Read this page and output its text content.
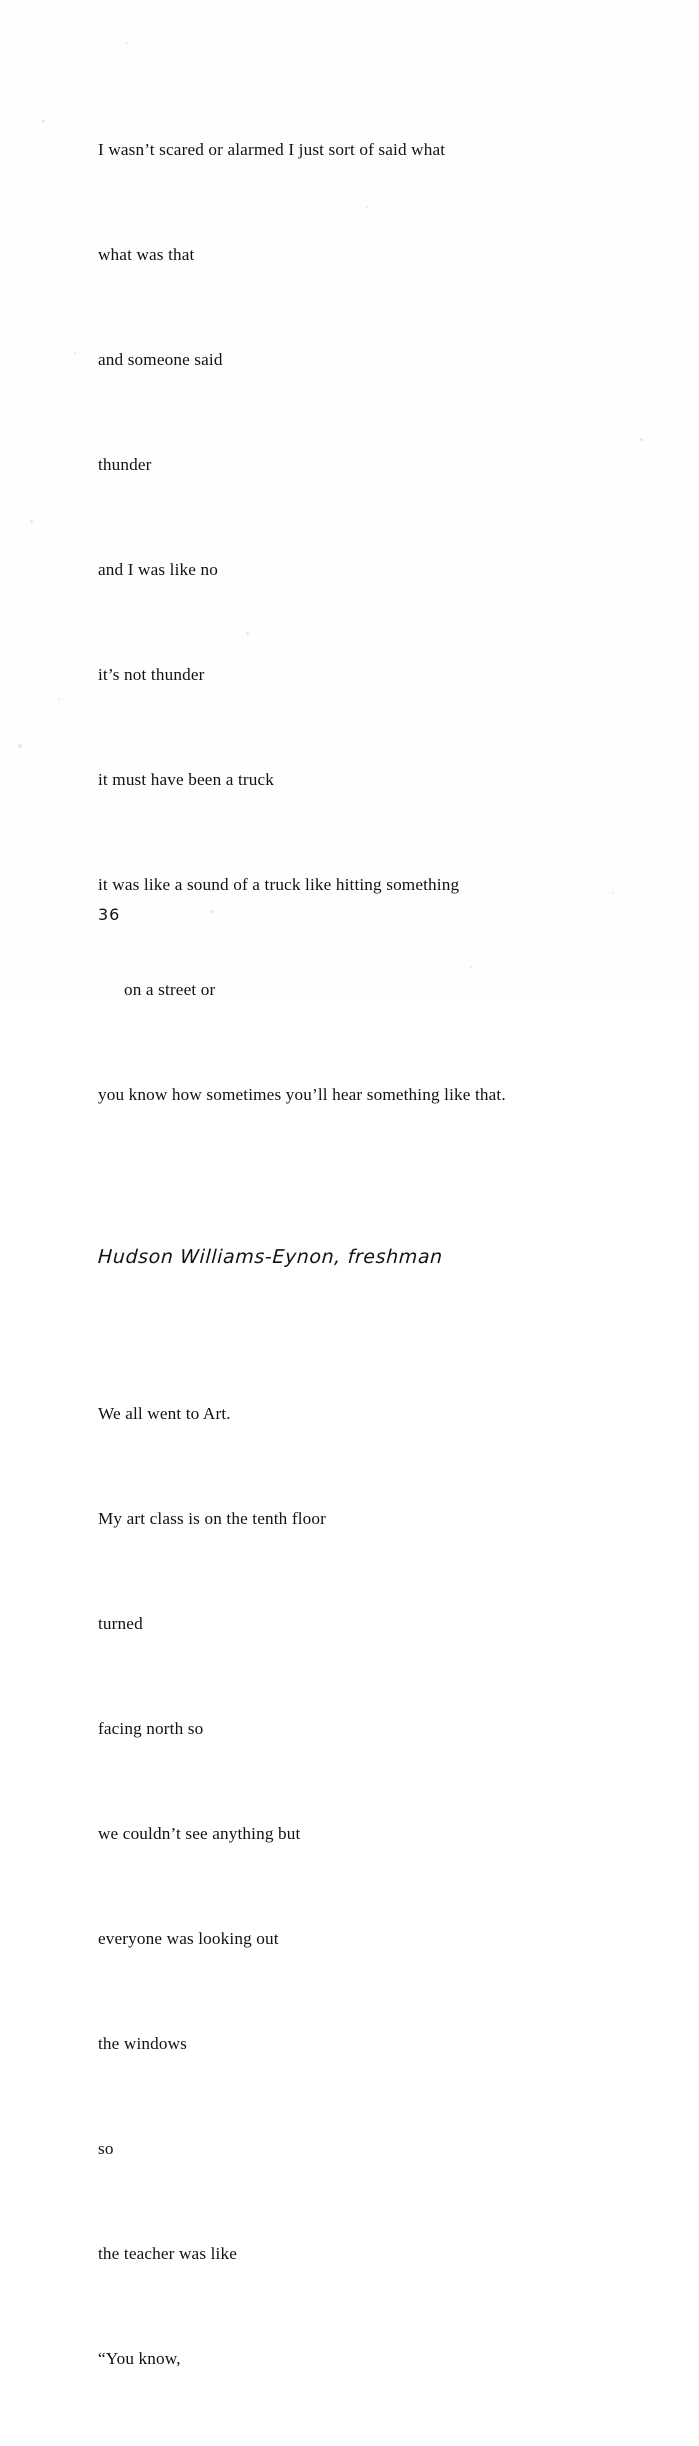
I wasn’t scared or alarmed I just sort of said what

what was that

and someone said

thunder

and I was like no

it’s not thunder

it must have been a truck

it was like a sound of a truck like hitting something

on a street or

you know how sometimes you’ll hear something like that.

Hudson Williams-Eynon, freshman

We all went to Art.

My art class is on the tenth floor

turned

facing north so

we couldn’t see anything but

everyone was looking out

the windows

so

the teacher was like

“You know,

36
